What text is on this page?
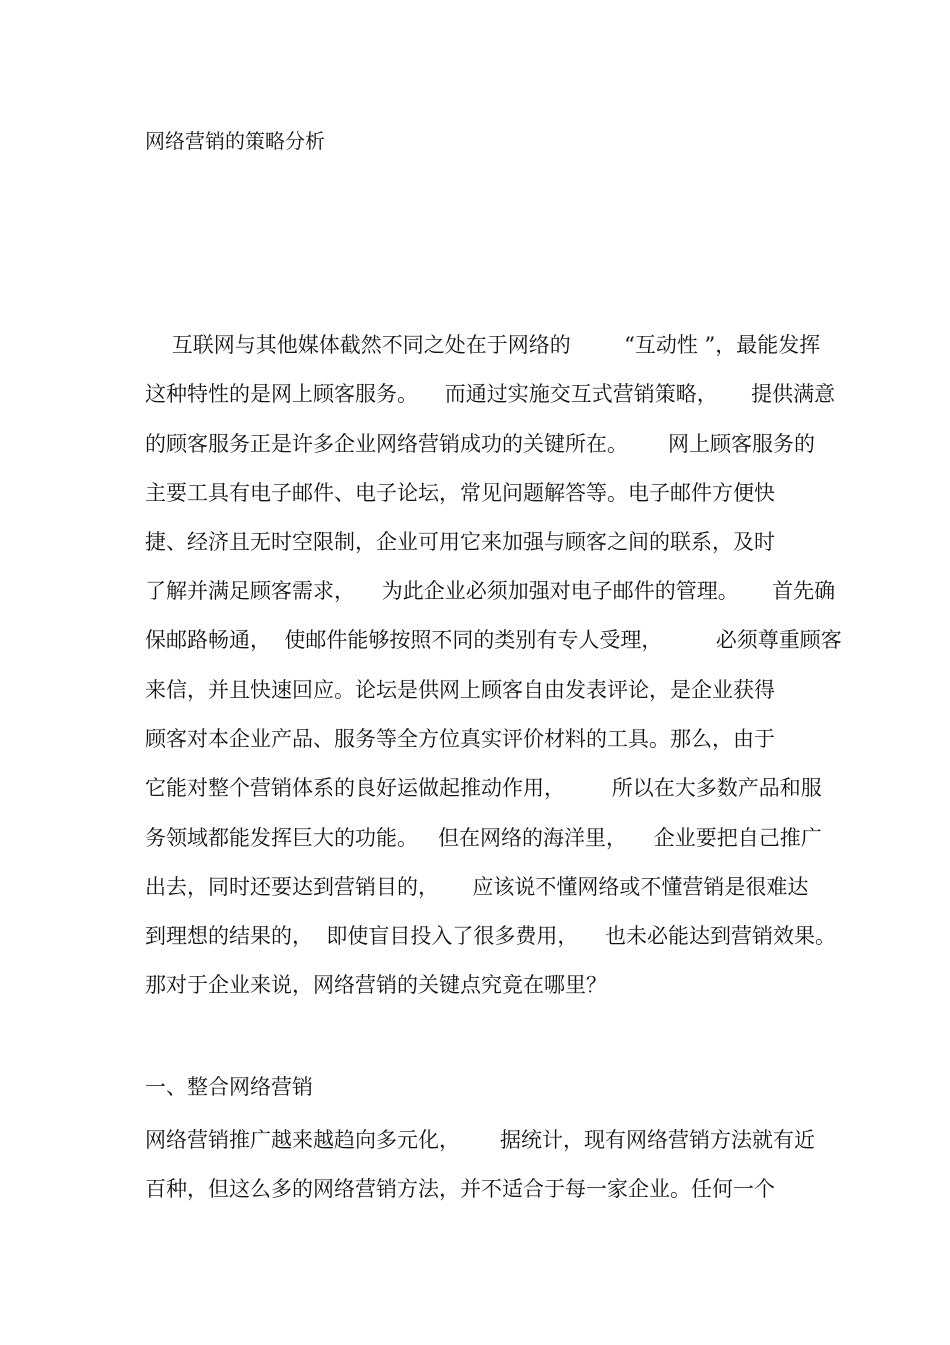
网络营销的策略分析
互联网与其他媒体截然不同之处在于网络的        “互动性 ”，最能发挥
这种特性的是网上顾客服务。    而通过实施交互式营销策略，     提供满意
的顾客服务正是许多企业网络营销成功的关键所在。      网上顾客服务的
主要工具有电子邮件、电子论坛，常见问题解答等。电子邮件方便快
捷、经济且无时空限制，企业可用它来加强与顾客之间的联系，及时
了解并满足顾客需求，    为此企业必须加强对电子邮件的管理。     首先确
保邮路畅通，  使邮件能够按照不同的类别有专人受理，        必须尊重顾客
来信，并且快速回应。论坛是供网上顾客自由发表评论，是企业获得
顾客对本企业产品、服务等全方位真实评价材料的工具。那么，由于
它能对整个营销体系的良好运做起推动作用，       所以在大多数产品和服
务领域都能发挥巨大的功能。   但在网络的海洋里，    企业要把自己推广
出去，同时还要达到营销目的，     应该说不懂网络或不懂营销是很难达
到理想的结果的，  即使盲目投入了很多费用，    也未必能达到营销效果。
那对于企业来说，网络营销的关键点究竟在哪里？
一、整合网络营销
网络营销推广越来越趋向多元化，      据统计，现有网络营销方法就有近
百种，但这么多的网络营销方法，并不适合于每一家企业。任何一个
